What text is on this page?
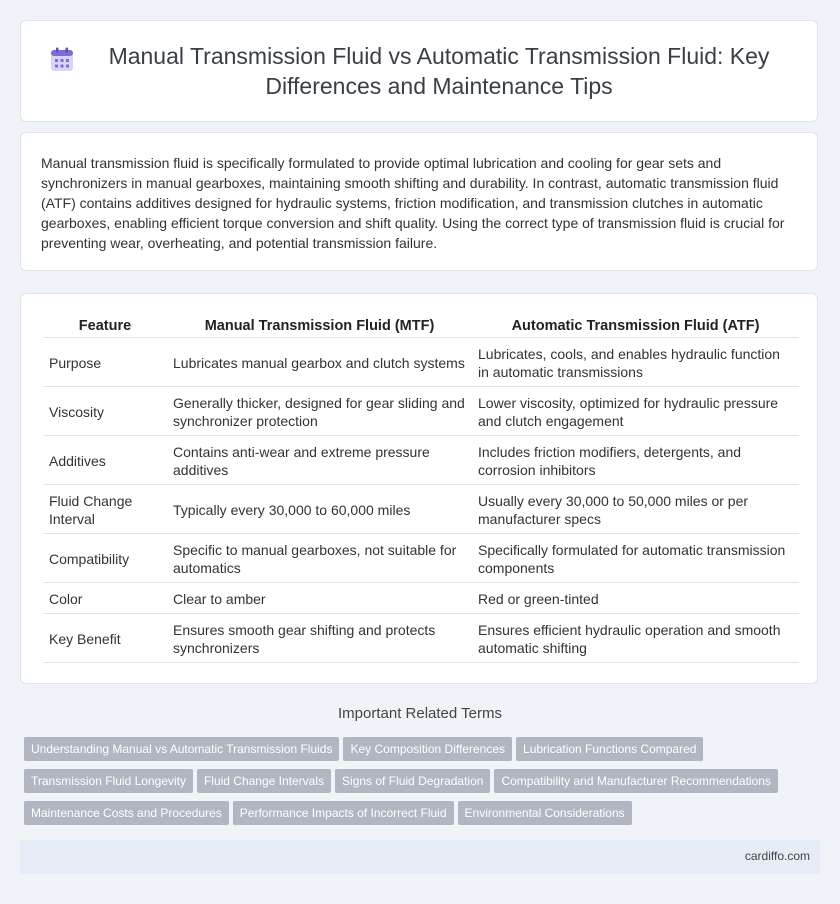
Manual Transmission Fluid vs Automatic Transmission Fluid: Key Differences and Maintenance Tips

Manual transmission fluid is specifically formulated to provide optimal lubrication and cooling for gear sets and synchronizers in manual gearboxes, maintaining smooth shifting and durability. In contrast, automatic transmission fluid (ATF) contains additives designed for hydraulic systems, friction modification, and transmission clutches in automatic gearboxes, enabling efficient torque conversion and shift quality. Using the correct type of transmission fluid is crucial for preventing wear, overheating, and potential transmission failure.

Feature	Manual Transmission Fluid (MTF)	Automatic Transmission Fluid (ATF)
Purpose	Lubricates manual gearbox and clutch systems	Lubricates, cools, and enables hydraulic function in automatic transmissions
Viscosity	Generally thicker, designed for gear sliding and synchronizer protection	Lower viscosity, optimized for hydraulic pressure and clutch engagement
Additives	Contains anti-wear and extreme pressure additives	Includes friction modifiers, detergents, and corrosion inhibitors
Fluid Change Interval	Typically every 30,000 to 60,000 miles	Usually every 30,000 to 50,000 miles or per manufacturer specs
Compatibility	Specific to manual gearboxes, not suitable for automatics	Specifically formulated for automatic transmission components
Color	Clear to amber	Red or green-tinted
Key Benefit	Ensures smooth gear shifting and protects synchronizers	Ensures efficient hydraulic operation and smooth automatic shifting
Important Related Terms
Understanding Manual vs Automatic Transmission Fluids Key Composition Differences Lubrication Functions Compared
Transmission Fluid Longevity Fluid Change Intervals Signs of Fluid Degradation Compatibility and Manufacturer Recommendations
Maintenance Costs and Procedures Performance Impacts of Incorrect Fluid Environmental Considerations
cardiffo.com
